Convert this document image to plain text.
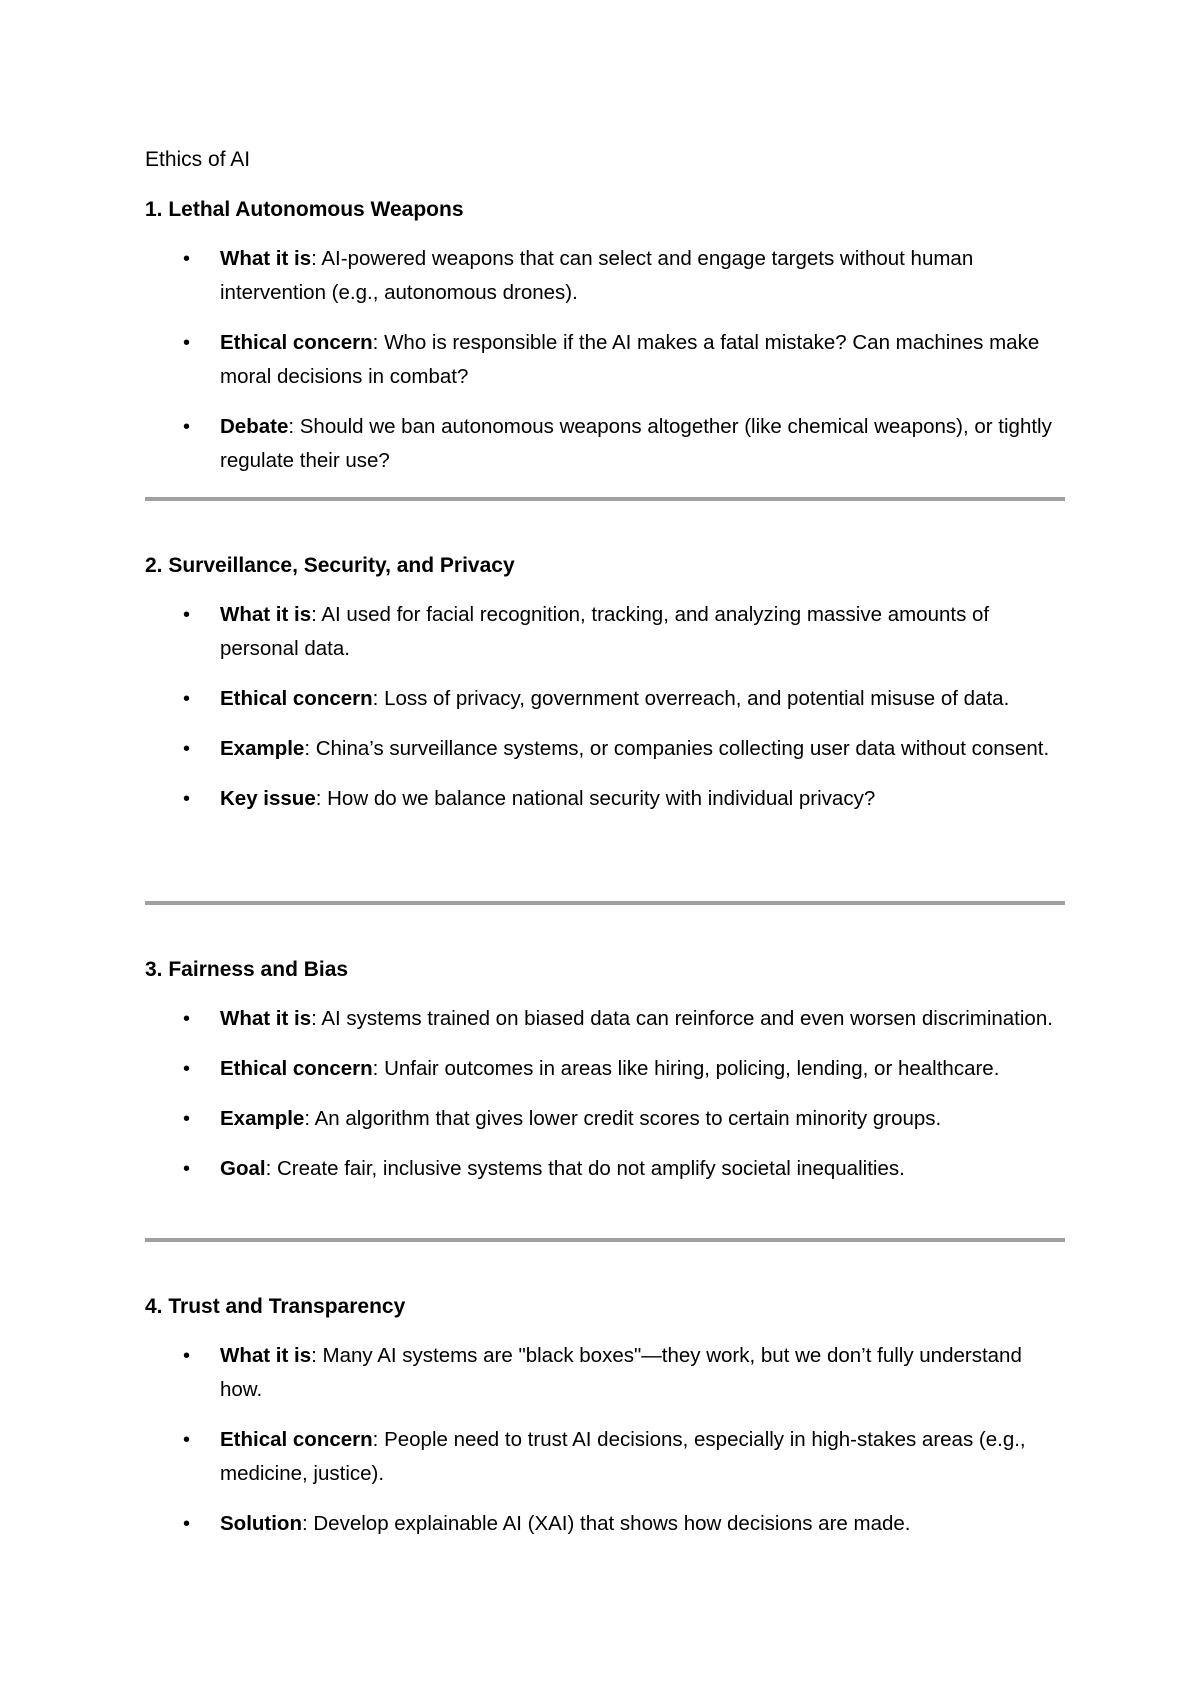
Ethics of AI
1. Lethal Autonomous Weapons
• What it is: AI-powered weapons that can select and engage targets without human intervention (e.g., autonomous drones).
• Ethical concern: Who is responsible if the AI makes a fatal mistake? Can machines make moral decisions in combat?
• Debate: Should we ban autonomous weapons altogether (like chemical weapons), or tightly regulate their use?
2. Surveillance, Security, and Privacy
• What it is: AI used for facial recognition, tracking, and analyzing massive amounts of personal data.
• Ethical concern: Loss of privacy, government overreach, and potential misuse of data.
• Example: China’s surveillance systems, or companies collecting user data without consent.
• Key issue: How do we balance national security with individual privacy?
3. Fairness and Bias
• What it is: AI systems trained on biased data can reinforce and even worsen discrimination.
• Ethical concern: Unfair outcomes in areas like hiring, policing, lending, or healthcare.
• Example: An algorithm that gives lower credit scores to certain minority groups.
• Goal: Create fair, inclusive systems that do not amplify societal inequalities.
4. Trust and Transparency
• What it is: Many AI systems are "black boxes"—they work, but we don’t fully understand how.
• Ethical concern: People need to trust AI decisions, especially in high-stakes areas (e.g., medicine, justice).
• Solution: Develop explainable AI (XAI) that shows how decisions are made.
